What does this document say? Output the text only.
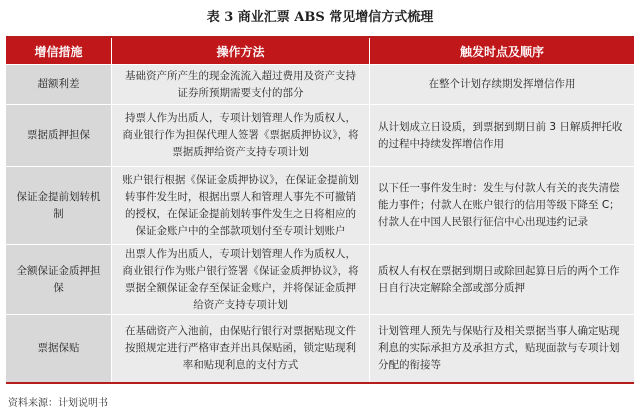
表 3 商业汇票 ABS 常见增信方式梳理
增信措施	操作方法	触发时点及顺序
超额利差
基础资产所产生的现金流流入超过费用及资产支持证券所预期需要支付的部分
在整个计划存续期发挥增信作用
票据质押担保
持票人作为出质人，专项计划管理人作为质权人，商业银行作为担保代理人签署《票据质押协议》，将票据质押给资产支持专项计划
从计划成立日设质，到票据到期日前 3 日解质押托收的过程中持续发挥增信作用
保证金提前划转机制
账户银行根据《保证金质押协议》，在保证金提前划转事件发生时，根据出票人和管理人事先不可撤销的授权，在保证金提前划转事件发生之日将相应的保证金账户中的全部款项划付至专项计划账户
以下任一事件发生时：发生与付款人有关的丧失清偿能力事件；付款人在账户银行的信用等级下降至 C；付款人在中国人民银行征信中心出现违约记录
全额保证金质押担保
出票人作为出质人，专项计划管理人作为质权人，商业银行作为账户银行签署《保证金质押协议》，将票据全额保证金存至保证金账户，并将保证金质押给资产支持专项计划
质权人有权在票据到期日或除回起算日后的两个工作日自行决定解除全部或部分质押
票据保贴
在基础资产入池前，由保贴行银行对票据贴现文件按照规定进行严格审查并出具保贴函，锁定贴现利率和贴现利息的支付方式
计划管理人预先与保贴行及相关票据当事人确定贴现利息的实际承担方及承担方式，贴现面款与专项计划分配的衔接等
资料来源：计划说明书
